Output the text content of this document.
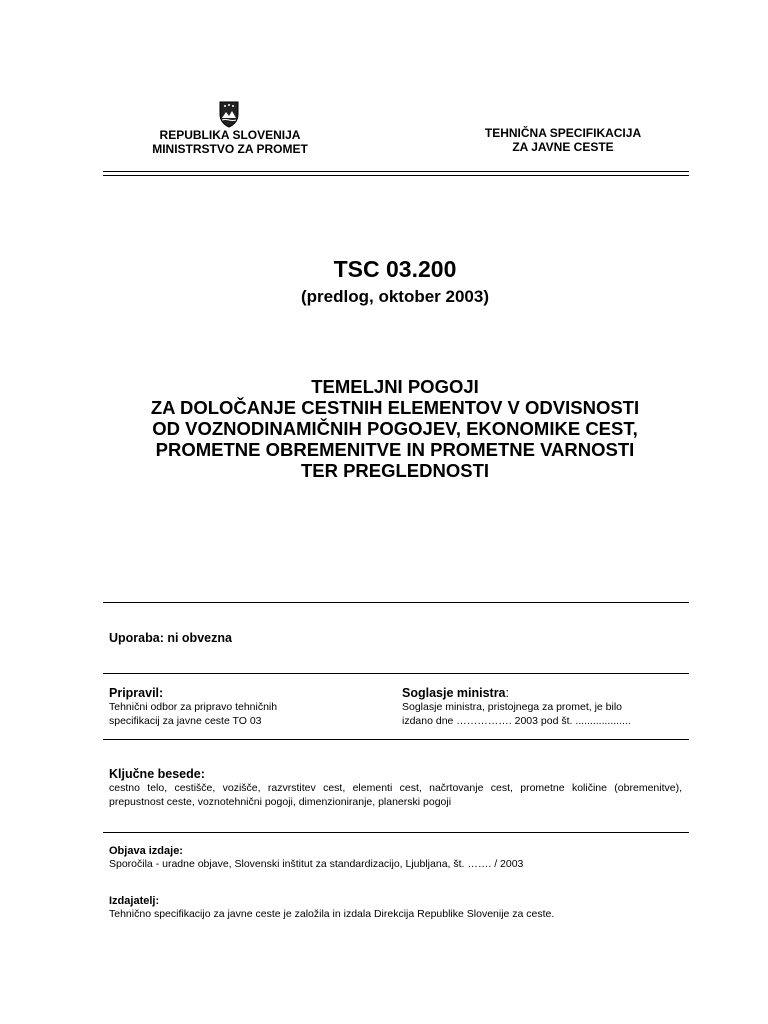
REPUBLIKA SLOVENIJA
MINISTRSTVO ZA PROMET
TEHNIČNA SPECIFIKACIJA
ZA JAVNE CESTE
TSC 03.200
(predlog, oktober 2003)
TEMELJNI POGOJI
ZA DOLOČANJE CESTNIH ELEMENTOV V ODVISNOSTI
OD VOZNODINAMIČNIH POGOJEV, EKONOMIKE CEST,
PROMETNE OBREMENITVE IN PROMETNE VARNOSTI
TER PREGLEDNOSTI
Uporaba: ni obvezna
Pripravil:
Tehnični odbor za pripravo tehničnih
specifikacij za javne ceste TO 03
Soglasje ministra:
Soglasje ministra, pristojnega za promet, je bilo
izdano dne ……………. 2003 pod št. ...................
Ključne besede:
cestno telo, cestišče, vozišče, razvrstitev cest, elementi cest, načrtovanje cest, prometne količine (obremenitve), prepustnost ceste, voznotehnični pogoji, dimenzioniranje, planerski pogoji
Objava izdaje:
Sporočila - uradne objave, Slovenski inštitut za standardizacijo, Ljubljana, št. ……. / 2003
Izdajatelj:
Tehnično specifikacijo za javne ceste je založila in izdala Direkcija Republike Slovenije za ceste.
